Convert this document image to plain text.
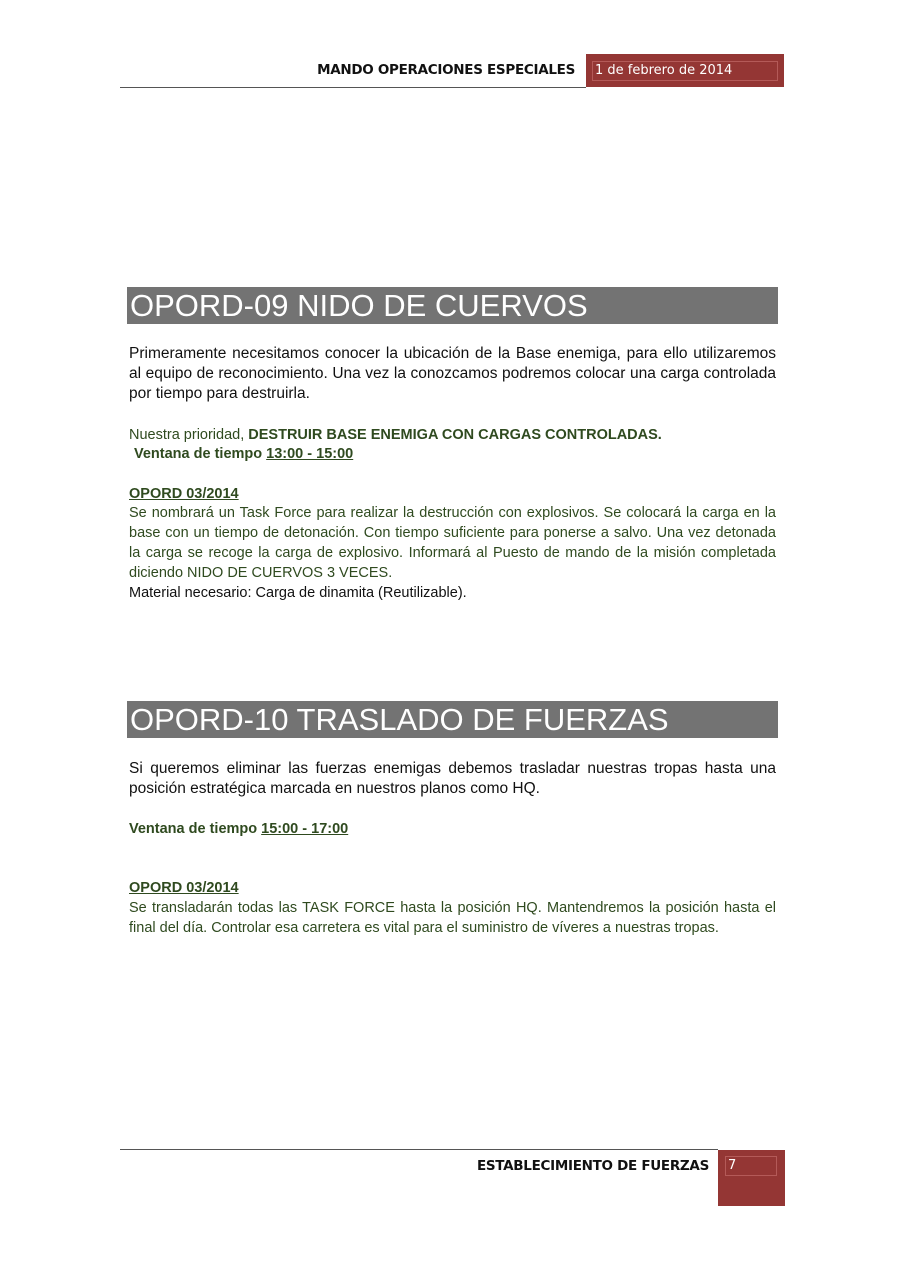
MANDO OPERACIONES ESPECIALES 1 de febrero de 2014
OPORD-09 NIDO DE CUERVOS
Primeramente necesitamos conocer la ubicación de la Base enemiga, para ello utilizaremos al equipo de reconocimiento. Una vez la conozcamos podremos colocar una carga controlada por tiempo para destruirla.
Nuestra prioridad, DESTRUIR BASE ENEMIGA CON CARGAS CONTROLADAS.
Ventana de tiempo 13:00 - 15:00
OPORD 03/2014
Se nombrará un Task Force para realizar la destrucción con explosivos. Se colocará la carga en la base con un tiempo de detonación. Con tiempo suficiente para ponerse a salvo. Una vez detonada la carga se recoge la carga de explosivo. Informará al Puesto de mando de la misión completada diciendo NIDO DE CUERVOS 3 VECES.
Material necesario: Carga de dinamita (Reutilizable).
OPORD-10 TRASLADO DE FUERZAS
Si queremos eliminar las fuerzas enemigas debemos trasladar nuestras tropas hasta una posición estratégica marcada en nuestros planos como HQ.
Ventana de tiempo 15:00 - 17:00
OPORD 03/2014
Se transladarán todas las TASK FORCE hasta la posición HQ. Mantendremos la posición hasta el final del día. Controlar esa carretera es vital para el suministro de víveres a nuestras tropas.
ESTABLECIMIENTO DE FUERZAS 7
